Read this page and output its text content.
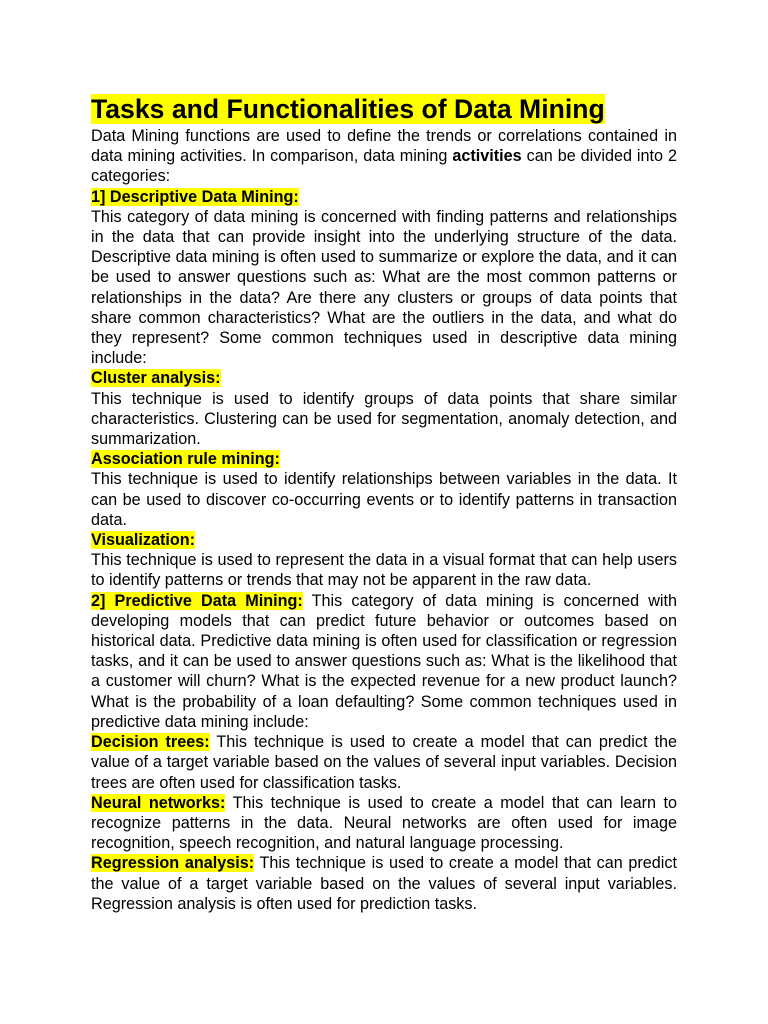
Tasks and Functionalities of Data Mining

Data Mining functions are used to define the trends or correlations contained in data mining activities. In comparison, data mining activities can be divided into 2 categories:

1] Descriptive Data Mining:

This category of data mining is concerned with finding patterns and relationships in the data that can provide insight into the underlying structure of the data. Descriptive data mining is often used to summarize or explore the data, and it can be used to answer questions such as: What are the most common patterns or relationships in the data? Are there any clusters or groups of data points that share common characteristics? What are the outliers in the data, and what do they represent? Some common techniques used in descriptive data mining include:

Cluster analysis:

This technique is used to identify groups of data points that share similar characteristics. Clustering can be used for segmentation, anomaly detection, and summarization.

Association rule mining:

This technique is used to identify relationships between variables in the data. It can be used to discover co-occurring events or to identify patterns in transaction data.

Visualization:

This technique is used to represent the data in a visual format that can help users to identify patterns or trends that may not be apparent in the raw data.

2] Predictive Data Mining: This category of data mining is concerned with developing models that can predict future behavior or outcomes based on historical data. Predictive data mining is often used for classification or regression tasks, and it can be used to answer questions such as: What is the likelihood that a customer will churn? What is the expected revenue for a new product launch? What is the probability of a loan defaulting? Some common techniques used in predictive data mining include:

Decision trees: This technique is used to create a model that can predict the value of a target variable based on the values of several input variables. Decision trees are often used for classification tasks.

Neural networks: This technique is used to create a model that can learn to recognize patterns in the data. Neural networks are often used for image recognition, speech recognition, and natural language processing.

Regression analysis: This technique is used to create a model that can predict the value of a target variable based on the values of several input variables. Regression analysis is often used for prediction tasks.
